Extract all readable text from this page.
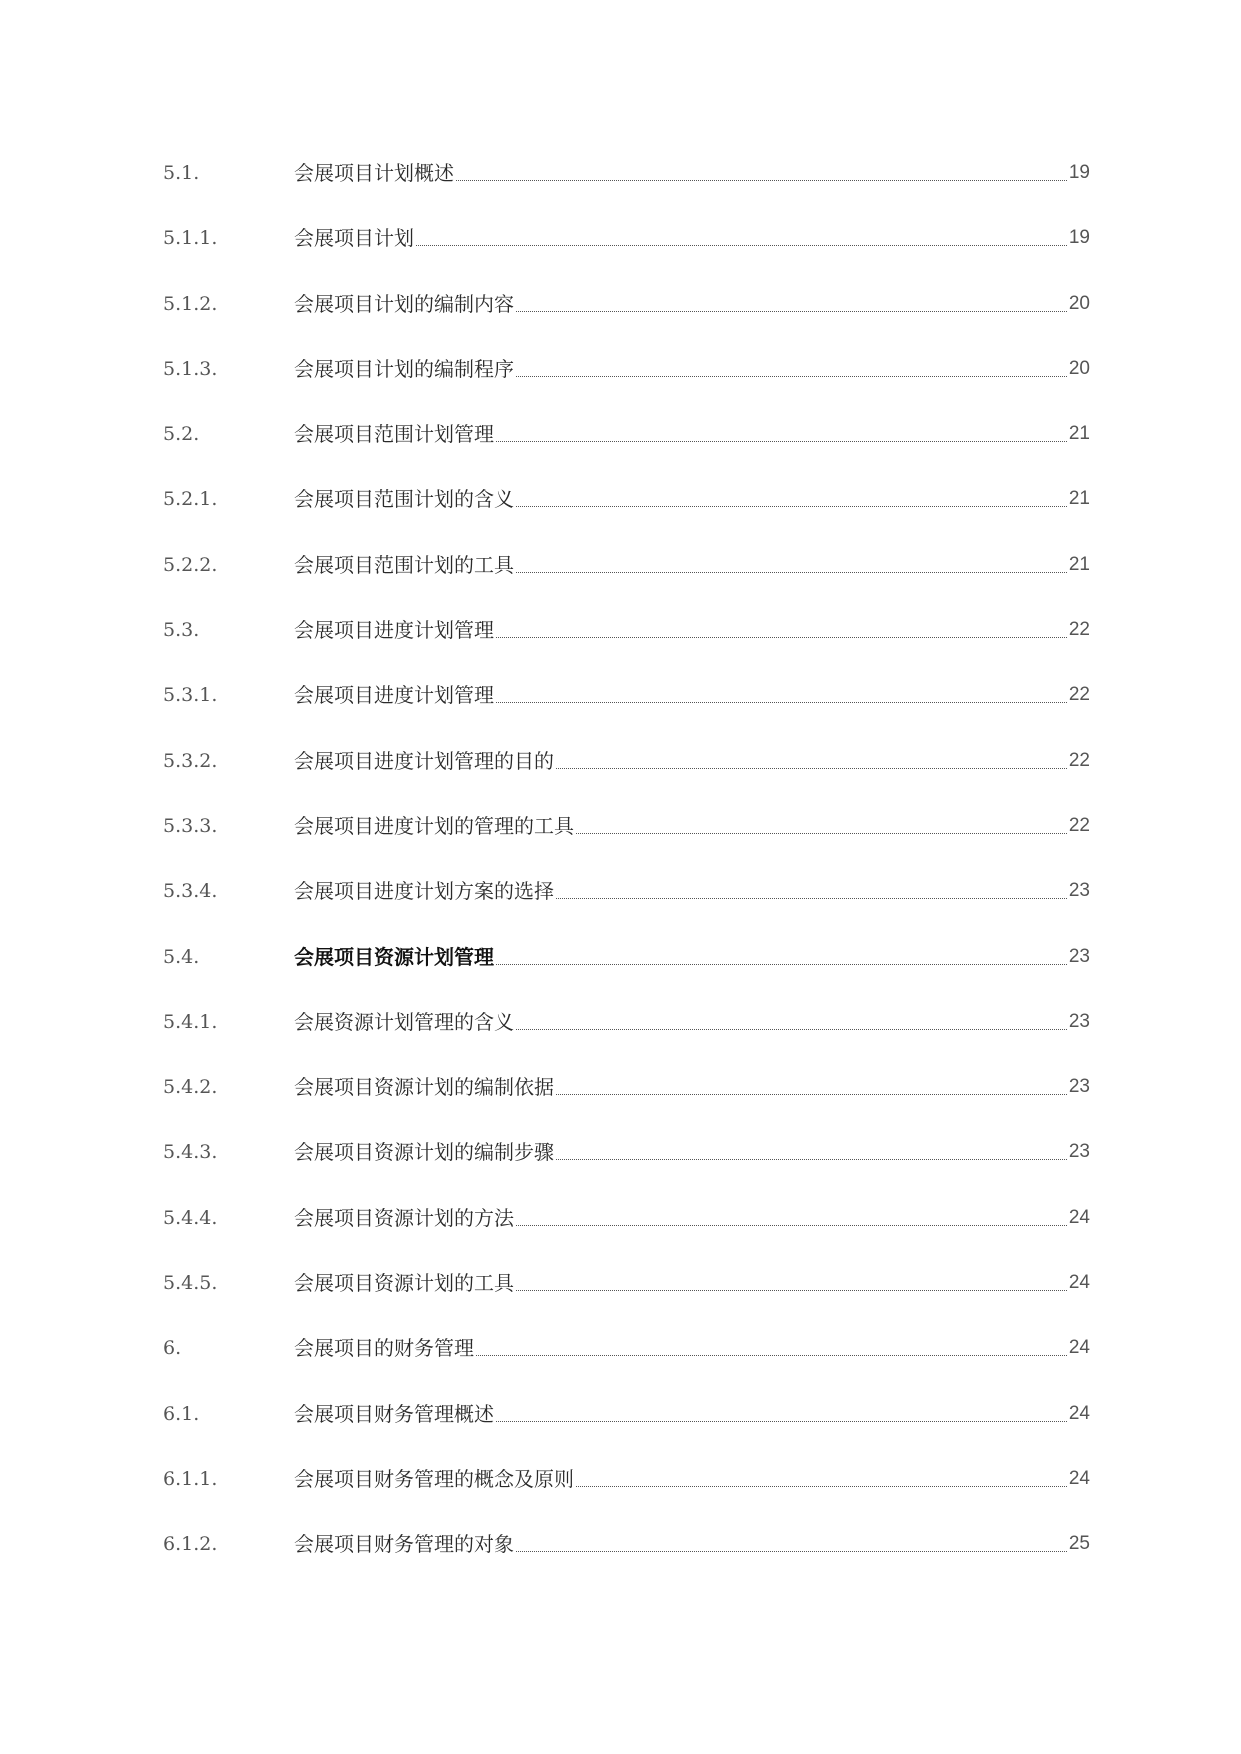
5.1.	会展项目计划概述	19
5.1.1.	会展项目计划	19
5.1.2.	会展项目计划的编制内容	20
5.1.3.	会展项目计划的编制程序	20
5.2.	会展项目范围计划管理	21
5.2.1.	会展项目范围计划的含义	21
5.2.2.	会展项目范围计划的工具	21
5.3.	会展项目进度计划管理	22
5.3.1.	会展项目进度计划管理	22
5.3.2.	会展项目进度计划管理的目的	22
5.3.3.	会展项目进度计划的管理的工具	22
5.3.4.	会展项目进度计划方案的选择	23
5.4.	会展项目资源计划管理	23
5.4.1.	会展资源计划管理的含义	23
5.4.2.	会展项目资源计划的编制依据	23
5.4.3.	会展项目资源计划的编制步骤	23
5.4.4.	会展项目资源计划的方法	24
5.4.5.	会展项目资源计划的工具	24
6.	会展项目的财务管理	24
6.1.	会展项目财务管理概述	24
6.1.1.	会展项目财务管理的概念及原则	24
6.1.2.	会展项目财务管理的对象	25
